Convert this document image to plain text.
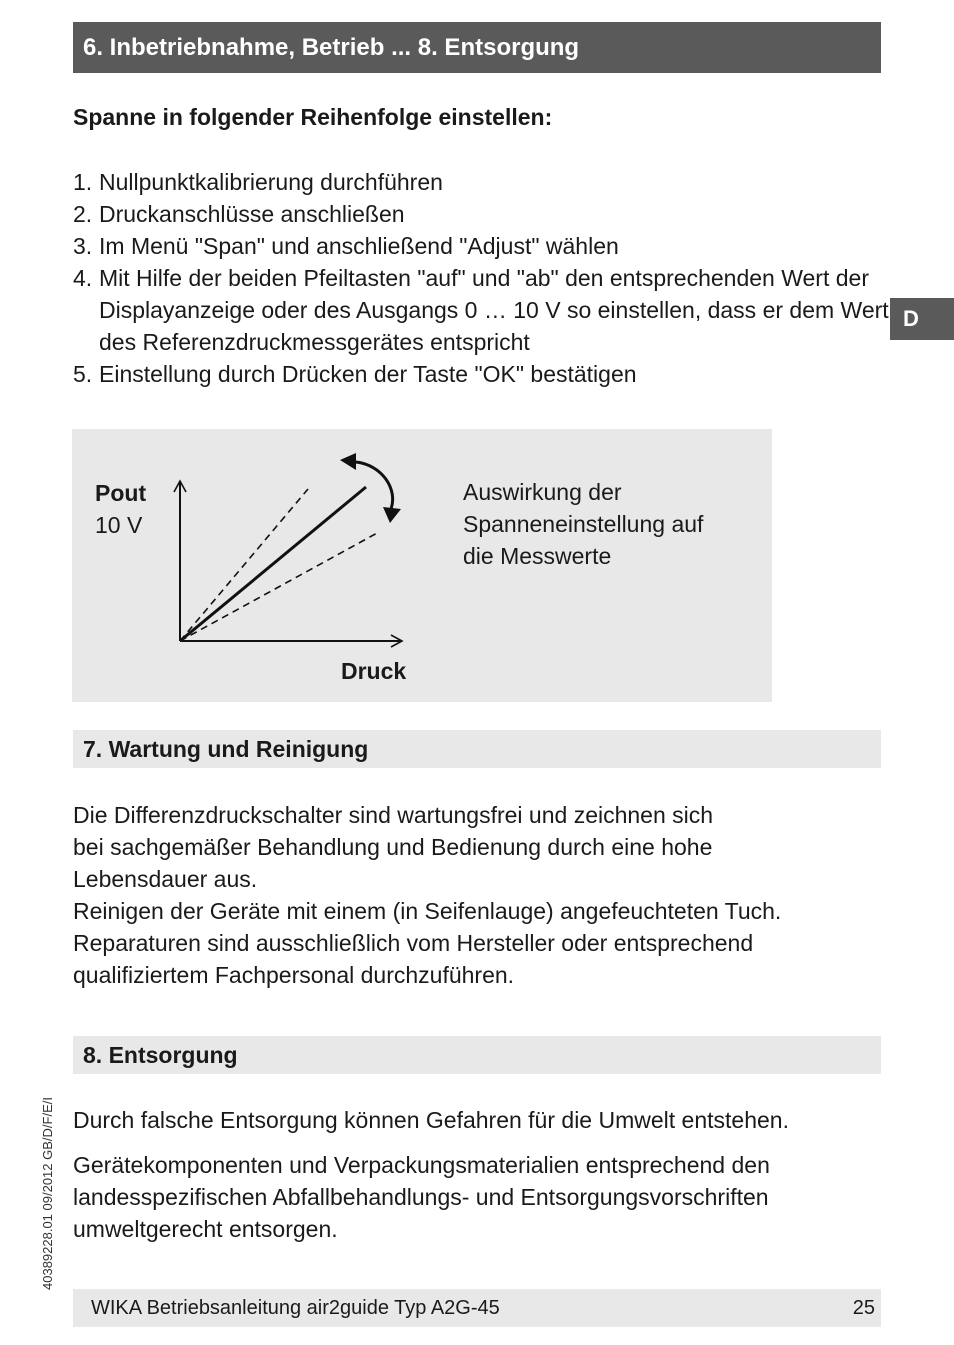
6. Inbetriebnahme, Betrieb ... 8. Entsorgung
D
Spanne in folgender Reihenfolge einstellen:
1. Nullpunktkalibrierung durchführen
2. Druckanschlüsse anschließen
3. Im Menü "Span" und anschließend "Adjust" wählen
4. Mit Hilfe der beiden Pfeiltasten "auf" und "ab" den entsprechenden Wert der Displayanzeige oder des Ausgangs 0 … 10 V so einstellen, dass er dem Wert des Referenzdruckmessgerätes entspricht
5. Einstellung durch Drücken der Taste "OK" bestätigen
Pout
10 V
Druck
Auswirkung der
Spanneneinstellung auf
die Messwerte
7. Wartung und Reinigung

Die Differenzdruckschalter sind wartungsfrei und zeichnen sich
bei sachgemäßer Behandlung und Bedienung durch eine hohe
Lebensdauer aus.
Reinigen der Geräte mit einem (in Seifenlauge) angefeuchteten Tuch.
Reparaturen sind ausschließlich vom Hersteller oder entsprechend
qualifiziertem Fachpersonal durchzuführen.

8. Entsorgung

Durch falsche Entsorgung können Gefahren für die Umwelt entstehen.

Gerätekomponenten und Verpackungsmaterialien entsprechend den
landesspezifischen Abfallbehandlungs- und Entsorgungsvorschriften
umweltgerecht entsorgen.

40389228.01 09/2012 GB/D/F/E/I
WIKA Betriebsanleitung air2guide Typ A2G-45	25
